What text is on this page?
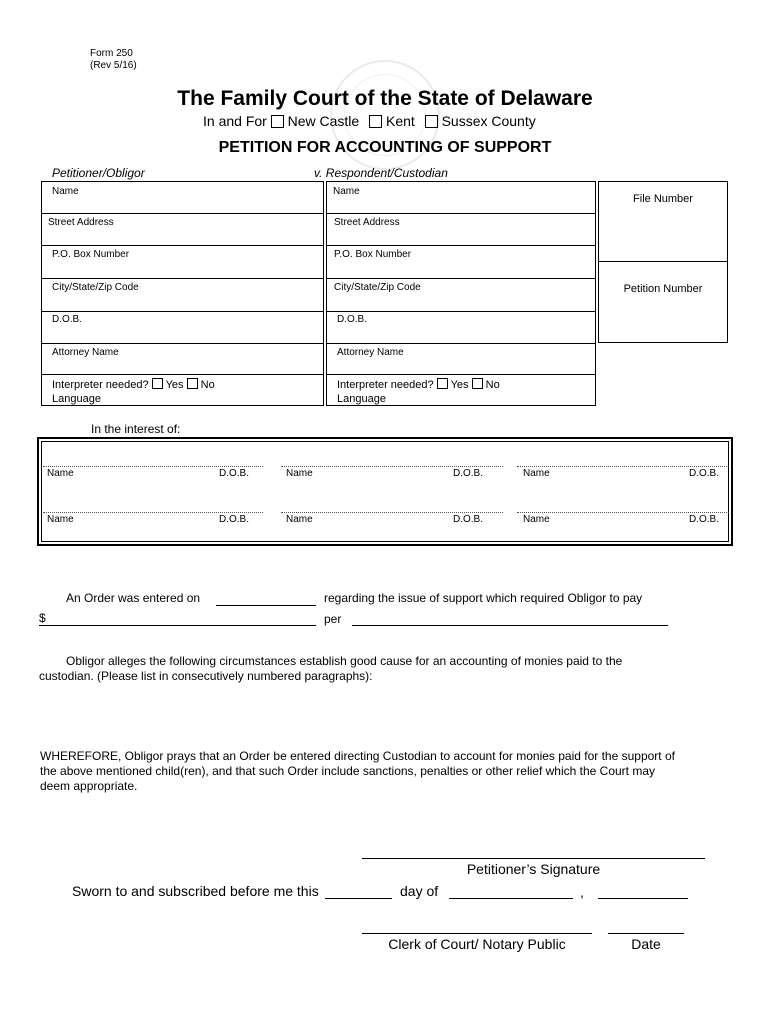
Form 250
(Rev 5/16)
The Family Court of the State of Delaware
In and For New Castle Kent Sussex County
PETITION FOR ACCOUNTING OF SUPPORT
Petitioner/Obligor	v. Respondent/Custodian
Name
Street Address
P.O. Box Number
City/State/Zip Code
D.O.B.
Attorney Name
Interpreter needed? Yes No
Language
Name
Street Address
P.O. Box Number
City/State/Zip Code
D.O.B.
Attorney Name
Interpreter needed? Yes No
Language
File Number
Petition Number
In the interest of:
Name	D.O.B.	Name	D.O.B.	Name	D.O.B.
Name	D.O.B.	Name	D.O.B.	Name	D.O.B.
An Order was entered on	regarding the issue of support which required Obligor to pay
$	per
Obligor alleges the following circumstances establish good cause for an accounting of monies paid to the custodian. (Please list in consecutively numbered paragraphs):
WHEREFORE, Obligor prays that an Order be entered directing Custodian to account for monies paid for the support of the above mentioned child(ren), and that such Order include sanctions, penalties or other relief which the Court may deem appropriate.
Petitioner’s Signature
Sworn to and subscribed before me this	day of	,
Clerk of Court/ Notary Public	Date
